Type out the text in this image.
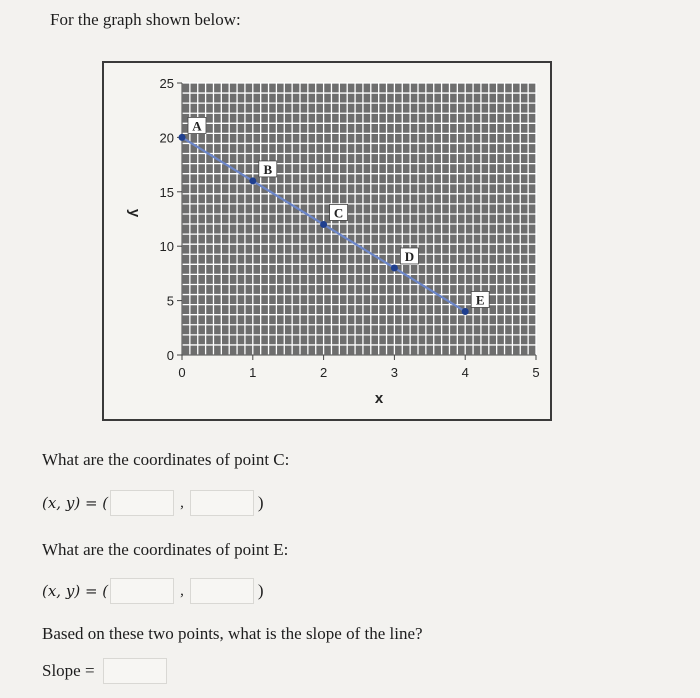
For the graph shown below:
0
5
10
15
20
25
0	1	2	3	4	5
x
y
A
B
C
D
E
What are the coordinates of point C:
(x, y) = (	,	)
What are the coordinates of point E:
(x, y) = (	,	)
Based on these two points, what is the slope of the line?
Slope =
